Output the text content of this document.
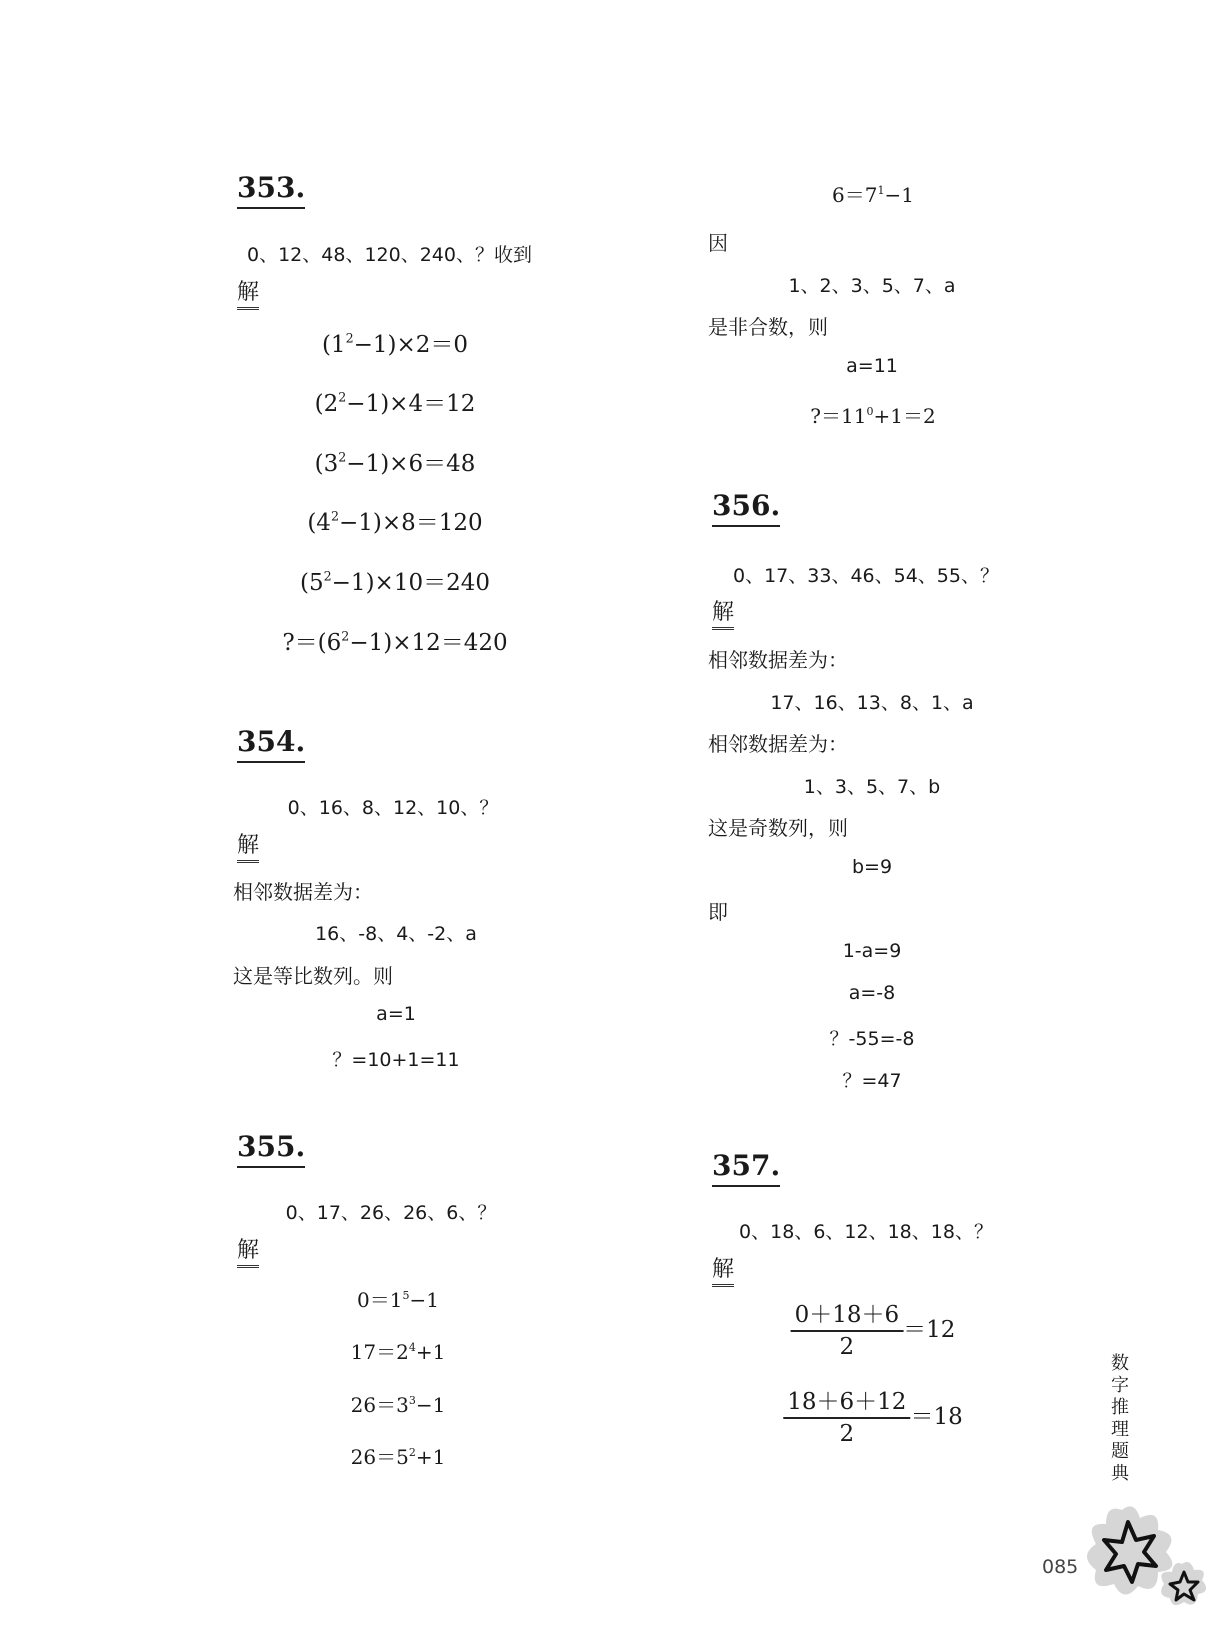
353.
0、12、48、120、240、？收到
解
$(1^2-1)\times 2=0$
$(2^2-1)\times 4=12$
$(3^2-1)\times 6=48$
$(4^2-1)\times 8=120$
$(5^2-1)\times 10=240$
$?=(6^2-1)\times 12=420$
354.
0、16、8、12、10、？
解
相邻数据差为：
16、-8、4、-2、a
这是等比数列。则
a=1
？=10+1=11
355.
0、17、26、26、6、？
解
$0=1^5-1$
$17=2^4+1$
$26=3^3-1$
$26=5^2+1$
$6=7^1-1$
因
1、2、3、5、7、a
是非合数，则
a=11
$?=11^0+1=2$
356.
0、17、33、46、54、55、？
解
相邻数据差为：
17、16、13、8、1、a
相邻数据差为：
1、3、5、7、b
这是奇数列，则
b=9
即
1-a=9
a=-8
？-55=-8
？=47
357.
0、18、6、12、18、18、？
解
$\frac{0+18+6}{2} =12$
$\frac{18+6+12}{2} =18$
数字推理题典
085
